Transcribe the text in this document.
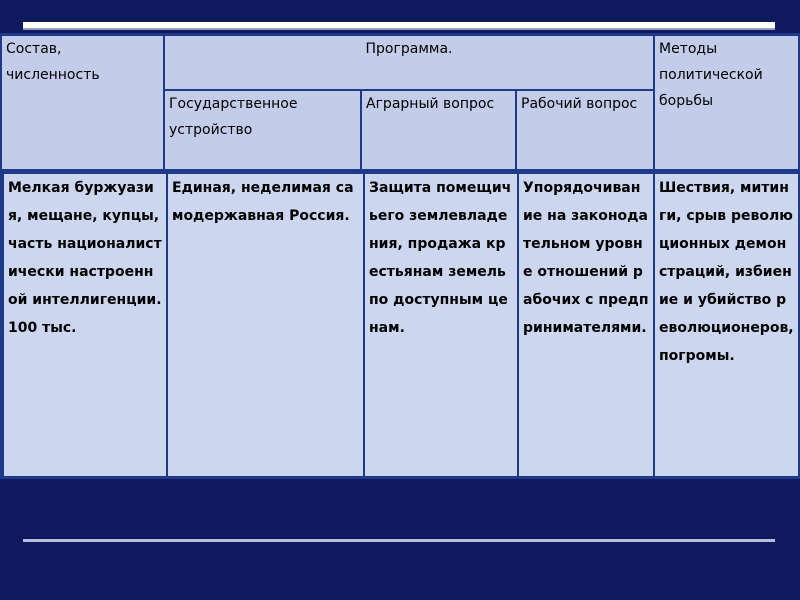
Состав, численность
Программа.	Методы политической борьбы
Государственное устройство
Аграрный вопрос	Рабочий вопрос
Мелкая буржуазия, мещане, купцы, часть националистически настроенной интеллигенции. 100 тыс.
Единая, неделимая самодержавная Россия.
Защита помещичьего землевладения, продажа крестьянам земель по доступным ценам.
Упорядочивание на законодательном уровне отношений рабочих с предпринимателями.
Шествия, митинги, срыв революционных демонстраций, избиение и убийство революционеров, погромы.
